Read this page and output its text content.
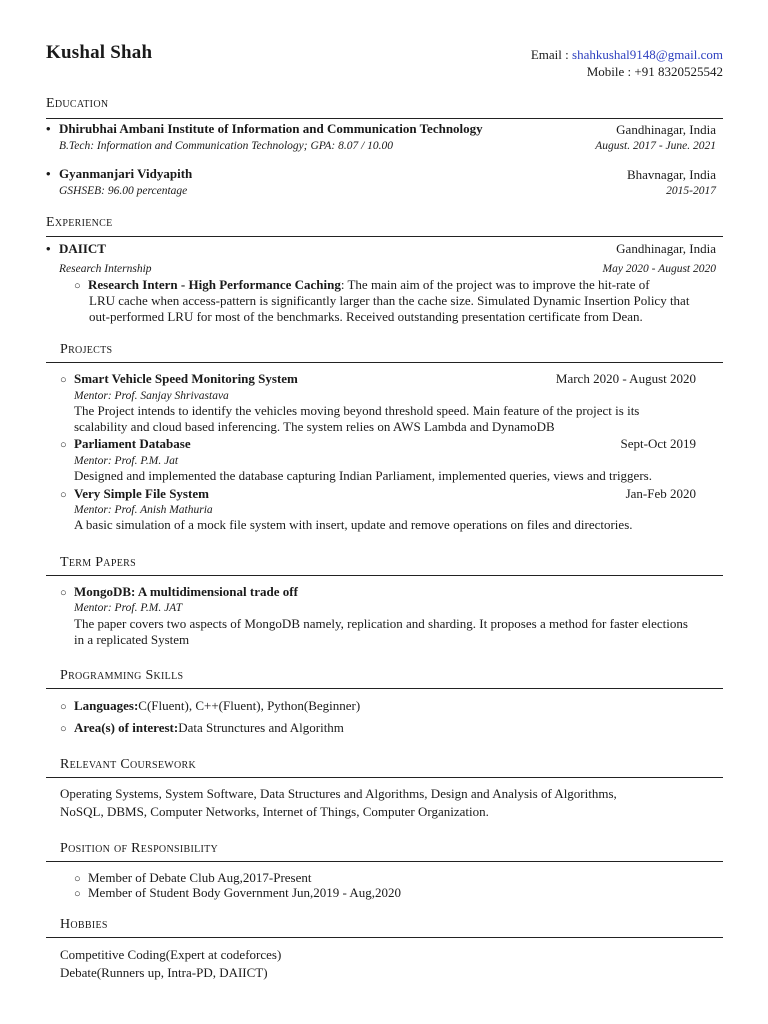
Kushal Shah	Email : shahkushal9148@gmail.com
Mobile : +91 8320525542
Education
• Dhirubhai Ambani Institute of Information and Communication Technology	Gandhinagar, India
B.Tech: Information and Communication Technology; GPA: 8.07 / 10.00	August. 2017 - June. 2021
• Gyanmanjari Vidyapith	Bhavnagar, India
GSHSEB: 96.00 percentage	2015-2017
Experience
• DAIICT	Gandhinagar, India
Research Internship	May 2020 - August 2020
○ Research Intern - High Performance Caching: The main aim of the project was to improve the hit-rate of
LRU cache when access-pattern is significantly larger than the cache size. Simulated Dynamic Insertion Policy that
out-performed LRU for most of the benchmarks. Received outstanding presentation certificate from Dean.
Projects
○ Smart Vehicle Speed Monitoring System	March 2020 - August 2020
Mentor: Prof. Sanjay Shrivastava
The Project intends to identify the vehicles moving beyond threshold speed. Main feature of the project is its
scalability and cloud based inferencing. The system relies on AWS Lambda and DynamoDB
○ Parliament Database	Sept-Oct 2019
Mentor: Prof. P.M. Jat
Designed and implemented the database capturing Indian Parliament, implemented queries, views and triggers.
○ Very Simple File System	Jan-Feb 2020
Mentor: Prof. Anish Mathuria
A basic simulation of a mock file system with insert, update and remove operations on files and directories.
Term Papers
○ MongoDB: A multidimensional trade off
Mentor: Prof. P.M. JAT
The paper covers two aspects of MongoDB namely, replication and sharding. It proposes a method for faster elections
in a replicated System
Programming Skills
○ Languages:C(Fluent), C++(Fluent), Python(Beginner)
○ Area(s) of interest:Data Strunctures and Algorithm
Relevant Coursework
Operating Systems, System Software, Data Structures and Algorithms, Design and Analysis of Algorithms,
NoSQL, DBMS, Computer Networks, Internet of Things, Computer Organization.
Position of Responsibility
○ Member of Debate Club Aug,2017-Present
○ Member of Student Body Government Jun,2019 - Aug,2020
Hobbies
Competitive Coding(Expert at codeforces)
Debate(Runners up, Intra-PD, DAIICT)
